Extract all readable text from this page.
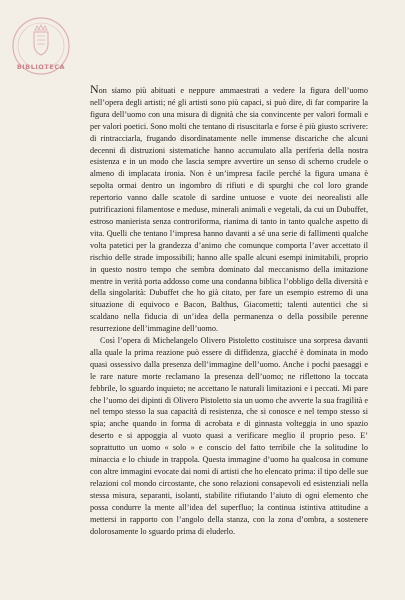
BIBLIOTECA

Non siamo più abituati e neppure ammaestrati a vedere la figura dell’uomo nell’opera degli artisti; né gli artisti sono più capaci, si può dire, di far comparire la figura dell’uomo con una misura di dignità che sia convincente per valori formali e per valori poetici. Sono molti che tentano di risuscitarla e forse è più giusto scrivere: di rintracciarla, frugando disordinatamente nelle immense discariche che alcuni decenni di distruzioni sistematiche hanno accumulato alla periferia della nostra esistenza e in un modo che lascia sempre avvertire un senso di scherno crudele o almeno di implacata ironia. Non è un’impresa facile perché la figura umana è sepolta ormai dentro un ingombro di rifiuti e di spurghi che col loro grande repertorio vanno dalle scatole di sardine untuose e vuote dei neorealisti alle putrificazioni filamentose e meduse, minerali animali e vegetali, da cui un Dubuffet, estroso manierista senza controriforma, rianima di tanto in tanto qualche aspetto di vita. Quelli che tentano l’impresa hanno davanti a sé una serie di fallimenti qualche volta patetici per la grandezza d’animo che comunque comporta l’aver accettato il rischio delle strade impossibili; hanno alle spalle alcuni esempi inimitabili, proprio in questo nostro tempo che sembra dominato dal meccanismo della imitazione mentre in verità porta addosso come una condanna biblica l’obbligo della diversità e della singolarità: Dubuffet che ho già citato, per fare un esempio estremo di una situazione di equivoco e Bacon, Balthus, Giacometti; talenti autentici che si scaldano nella fiducia di un’idea della permanenza o della possibile perenne resurrezione dell’immagine dell’uomo.

Così l’opera di Michelangelo Olivero Pistoletto costituisce una sorpresa davanti alla quale la prima reazione può essere di diffidenza, giacché è dominata in modo quasi ossessivo dalla presenza dell’immagine dell’uomo. Anche i pochi paesaggi e le rare nature morte reclamano la presenza dell’uomo; ne riflettono la toccata febbrile, lo sguardo inquieto; ne accettano le naturali limitazioni e i peccati. Mi pare che l’uomo dei dipinti di Olivero Pistoletto sia un uomo che avverte la sua fragilità e nel tempo stesso la sua capacità di resistenza, che si conosce e nel tempo stesso si spia; anche quando in forma di acrobata e di ginnasta volteggia in uno spazio deserto e si appoggia al vuoto quasi a verificare meglio il proprio peso. E’ soprattutto un uomo « solo » e conscio del fatto terribile che la solitudine lo minaccia e lo chiude in trappola. Questa immagine d’uomo ha qualcosa in comune con altre immagini evocate dai nomi di artisti che ho elencato prima: il tipo delle sue relazioni col mondo circostante, che sono relazioni consapevoli ed esistenziali nella stessa misura, separanti, isolanti, stabilite rifiutando l’aiuto di ogni elemento che possa condurre la mente all’idea del superfluo; la continua istintiva attitudine a mettersi in rapporto con l’angolo della stanza, con la zona d’ombra, a sostenere dolorosamente lo sguardo prima di eluderlo.
